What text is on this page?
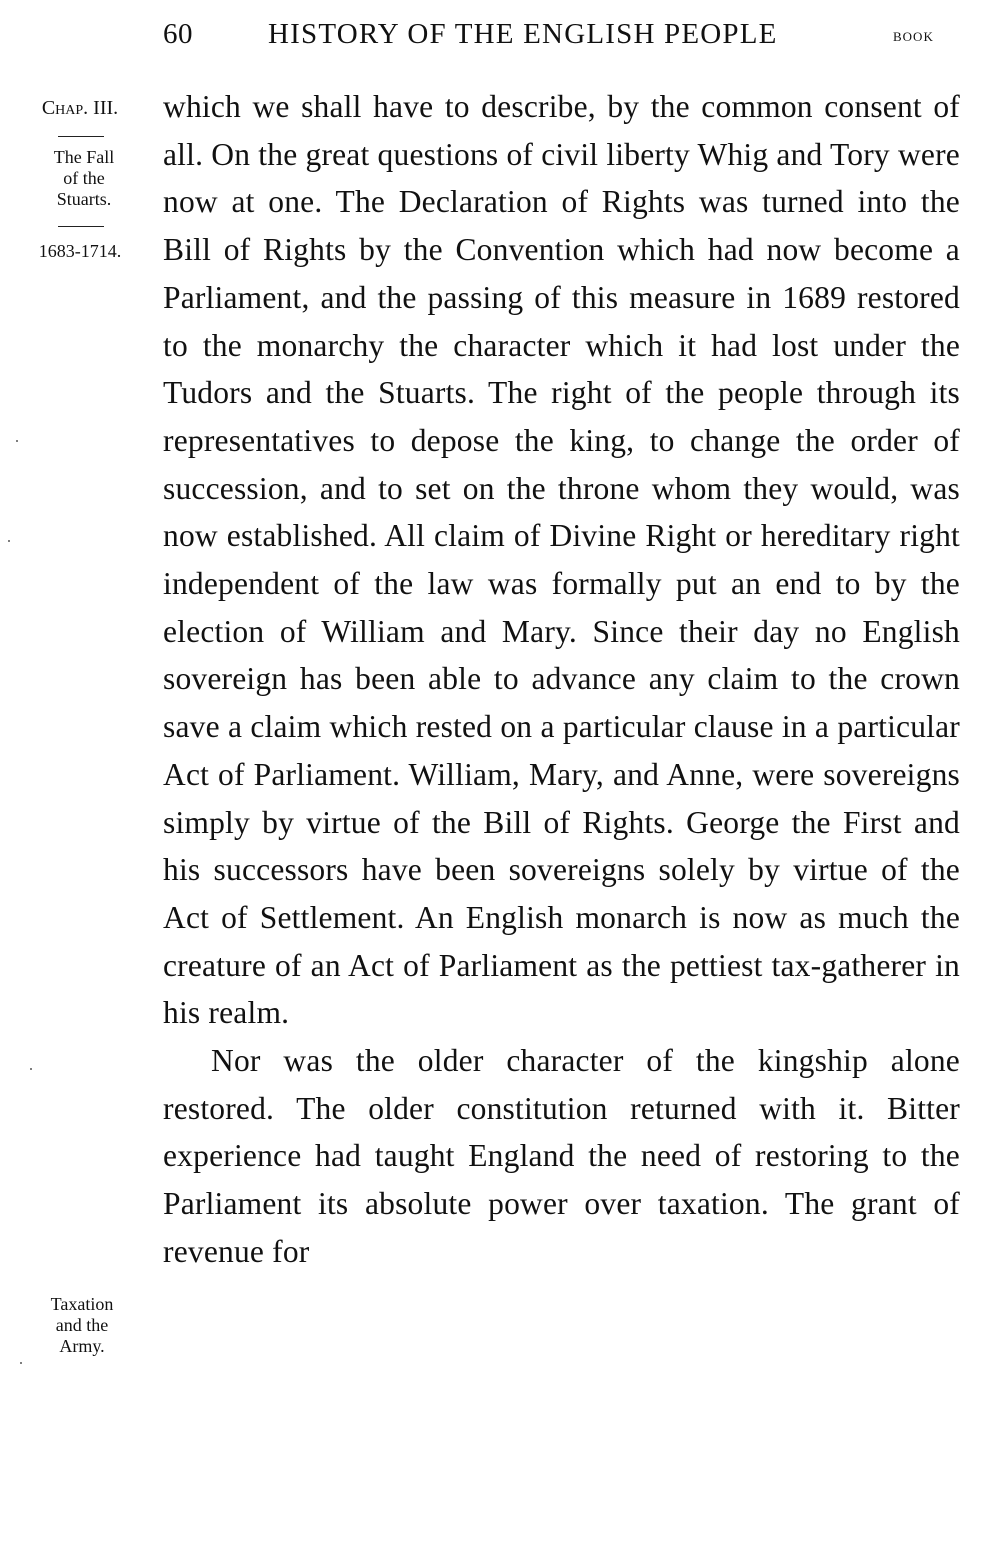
60	HISTORY OF THE ENGLISH PEOPLE	book
Chap. III.
The Fall
of the
Stuarts.
1683-1714.
Taxation
and the
Army.

which we shall have to describe, by the common consent of all. On the great questions of civil liberty Whig and Tory were now at one. The Declaration of Rights was turned into the Bill of Rights by the Convention which had now become a Parliament, and the passing of this measure in 1689 restored to the monarchy the character which it had lost under the Tudors and the Stuarts. The right of the people through its representatives to depose the king, to change the order of succession, and to set on the throne whom they would, was now established. All claim of Divine Right or hereditary right independent of the law was formally put an end to by the election of William and Mary. Since their day no English sovereign has been able to advance any claim to the crown save a claim which rested on a particular clause in a particular Act of Parliament. William, Mary, and Anne, were sovereigns simply by virtue of the Bill of Rights. George the First and his successors have been sovereigns solely by virtue of the Act of Settlement. An English monarch is now as much the creature of an Act of Parliament as the pettiest tax-gatherer in his realm.

Nor was the older character of the kingship alone restored. The older constitution returned with it. Bitter experience had taught England the need of restoring to the Parliament its absolute power over taxation. The grant of revenue for
